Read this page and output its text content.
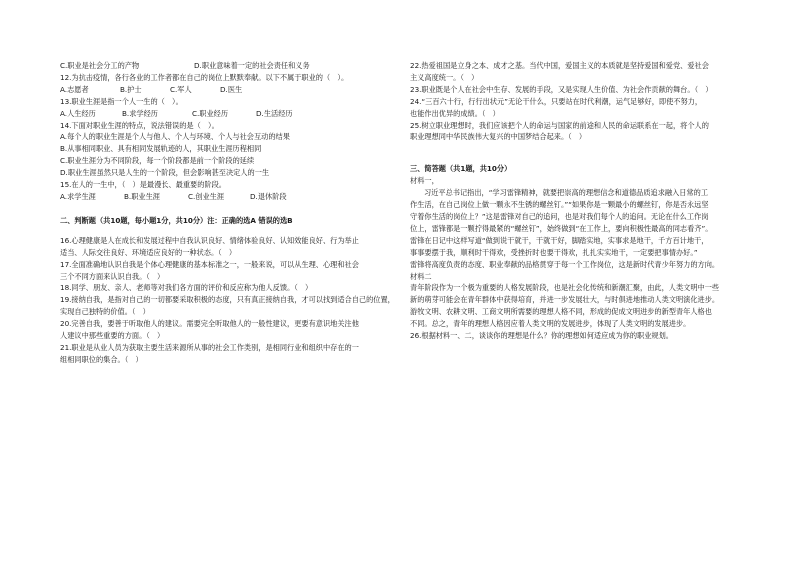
C.职业是社会分工的产物	D.职业意味着一定的社会责任和义务
12.为抗击疫情，各行各业的工作者都在自己的岗位上默默奉献。以下不属于职业的（　）。
A.志愿者	B.护士	C.军人	D.医生
13.职业生涯是指一个人一生的（　）。
A.人生经历	B.求学经历	C.职业经历	D.生活经历
14.下面对职业生涯的特点，说法错误的是（　）。
A.每个人的职业生涯是个人与他人、个人与环境、个人与社会互动的结果
B.从事相同职业、具有相同发展轨迹的人，其职业生涯历程相同
C.职业生涯分为不同阶段，每一个阶段都是前一个阶段的延续
D.职业生涯虽然只是人生的一个阶段，但会影响甚至决定人的一生
15.在人的一生中，（　）是最漫长、最重要的阶段。
A.求学生涯	B.职业生涯	C.创业生涯	D.退休阶段
二、判断题（共10题，每小题1分，共10分）注：正确的选A 错误的选B
16.心理健康是人在成长和发展过程中自我认识良好、情绪体验良好、认知效能良好、行为举止
适当、人际交往良好、环境适应良好的一种状态。（　）
17.全面准确地认识自我是个体心理健康的基本标准之一，一般来说，可以从生理、心理和社会
三个不同方面来认识自我。（　）
18.同学、朋友、亲人、老师等对我们各方面的评价和反应称为他人反馈。（　）
19.接纳自我，是指对自己的一切都要采取积极的态度，只有真正接纳自我，才可以找到适合自己的位置，
实现自己独特的价值。（　）
20.完善自我，要善于听取他人的建议。需要完全听取他人的一般性建议，更要有意识地关注他
人建议中那些重要的方面。（　）
21.职业是从业人员为获取主要生活来源所从事的社会工作类别，是相同行业和组织中存在的一
组相同职位的集合。（　）
22.热爱祖国是立身之本、成才之基。当代中国，爱国主义的本质就是坚持爱国和爱党、爱社会
主义高度统一。（　）
23.职业既是个人在社会中生存、发展的手段，又是实现人生价值、为社会作贡献的舞台。（　）
24.“三百六十行，行行出状元”无论干什么，只要站在时代利潮，运气足够好，即使不努力，
也能作出优异的成绩。（　）
25.树立职业理想时，我们应该把个人的命运与国家的前途和人民的命运联系在一起，将个人的
职业理想同中华民族伟大复兴的中国梦结合起来。（　）
三、简答题（共1题，共10分）
材料一，
习近平总书记指出，“学习雷锋精神，就要把崇高的理想信念和道德品质追求融入日常的工
作生活，在自己岗位上做一颗永不生锈的螺丝钉。”“如果你是一颗最小的螺丝钉，你是否永远坚
守着你生活的岗位上？”这是雷锋对自己的追问，也是对我们每个人的追问。无论在什么工作岗
位上，雷锋都是一颗拧得最紧的“螺丝钉”，始终做到“在工作上，要向积极性最高的同志看齐”。
雷锋在日记中这样写道“做到说干就干，干就干好，脚踏实地，实事求是地干，千方百计地干，
事事要摆于我，顺利时干得欢，受挫折时也要干得欢，扎扎实实地干，一定要把事情办好。”
雷锋将高度负责的态度、职业奉献的品格贯穿于每一个工作岗位，这是新时代青少年努力的方向。
材料二
青年阶段作为一个极为重要的人格发展阶段，也是社会化传统和新潮汇聚，由此，人类文明中一些
新的萌芽可能会在青年群体中获得培育，并进一步发展壮大，与时俱进地推动人类文明演化进步。
游牧文明、农耕文明、工商文明所需要的理想人格不同，形成的促成文明进步的新型青年人格也
不同。总之，青年的理想人格因应着人类文明的发展进步，体现了人类文明的发展进步。
26.根据材料一、二，谈谈你的理想是什么？你的理想如何适应成为你的职业规划。
